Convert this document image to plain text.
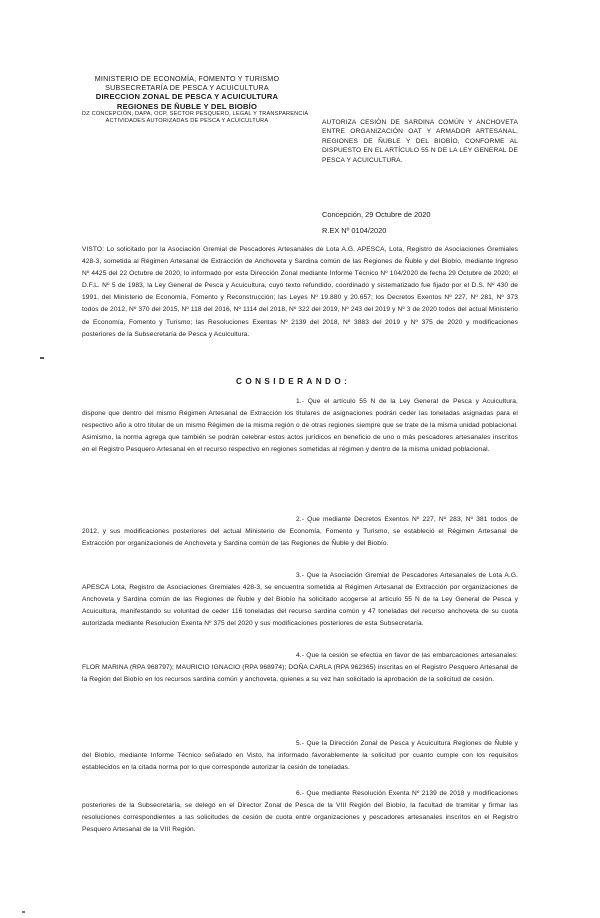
MINISTERIO DE ECONOMÍA, FOMENTO Y TURISMO
SUBSECRETARÍA DE PESCA Y ACUICULTURA
DIRECCION ZONAL DE PESCA Y ACUICULTURA
REGIONES DE ÑUBLE Y DEL BIOBÍO
DZ CONCEPCIÓN, DAPA, OCP, SECTOR PESQUERO, LEGAL Y TRANSPARENCIA
ACTIVIDADES AUTORIZADAS DE PESCA Y ACUICULTURA	AUTORIZA CESIÓN DE SARDINA COMÚN Y ANCHOVETA ENTRE ORGANIZACIÓN OAT Y ARMADOR ARTESANAL, REGIONES DE ÑUBLE Y DEL BIOBÍO, CONFORME AL DISPUESTO EN EL ARTÍCULO 55 N DE LA LEY GENERAL DE PESCA Y ACUICULTURA.
Concepción, 29 Octubre de 2020
R.EX Nº 0104/2020
VISTO: Lo solicitado por la Asociación Gremial de Pescadores Artesanales de Lota A.G. APESCA, Lota, Registro de Asociaciones Gremiales 428-3, sometida al Régimen Artesanal de Extracción de Anchoveta y Sardina común de las Regiones de Ñuble y del Biobío, mediante Ingreso Nº 4425 del 22 Octubre de 2020, lo informado por esta Dirección Zonal mediante Informe Técnico Nº 104/2020 de fecha 29 Octubre de 2020; el D.F.L. Nº 5 de 1983, la Ley General de Pesca y Acuicultura, cuyo texto refundido, coordinado y sistematizado fue fijado por el D.S. Nº 430 de 1991, del Ministerio de Economía, Fomento y Reconstrucción; las Leyes Nº 19.880 y 20.657; los Decretos Exentos Nº 227, Nº 281, Nº 373 todos de 2012, Nº 370 del 2015, Nº 118 del 2016, Nº 1114 del 2018, Nº 322 del 2019, Nº 243 del 2019 y Nº 3 de 2020 todos del actual Ministerio de Economía, Fomento y Turismo; las Resoluciones Exentas Nº 2139 del 2018, Nº 3883 del 2019 y Nº 375 de 2020 y modificaciones posteriores de la Subsecretaría de Pesca y Acuicultura.
CONSIDERANDO:
1.- Que el artículo 55 N de la Ley General de Pesca y Acuicultura, dispone que dentro del mismo Régimen Artesanal de Extracción los titulares de asignaciones podrán ceder las toneladas asignadas para el respectivo año a otro titular de un mismo Régimen de la misma región o de otras regiones siempre que se trate de la misma unidad poblacional. Asimismo, la norma agrega que también se podrán celebrar estos actos jurídicos en beneficio de uno o más pescadores artesanales inscritos en el Registro Pesquero Artesanal en el recurso respectivo en regiones sometidas al régimen y dentro de la misma unidad poblacional.
2.- Que mediante Decretos Exentos Nº 227, Nº 283, Nº 381 todos de 2012, y sus modificaciones posteriores del actual Ministerio de Economía, Fomento y Turismo, se estableció el Régimen Artesanal de Extracción por organizaciones de Anchoveta y Sardina común de las Regiones de Ñuble y del Biobío.
3.- Que la Asociación Gremial de Pescadores Artesanales de Lota A.G. APESCA Lota, Registro de Asociaciones Gremiales 428-3, se encuentra sometida al Régimen Artesanal de Extracción por organizaciones de Anchoveta y Sardina común de las Regiones de Ñuble y del Biobío ha solicitado acogerse al artículo 55 N de la Ley General de Pesca y Acuicultura, manifestando su voluntad de ceder 116 toneladas del recurso sardina común y 47 toneladas del recurso anchoveta de su cuota autorizada mediante Resolución Exenta Nº 375 del 2020 y sus modificaciones posteriores de esta Subsecretaría.
4.- Que la cesión se efectúa en favor de las embarcaciones artesanales: FLOR MARINA (RPA 968797); MAURICIO IGNACIO (RPA 968974); DOÑA CARLA (RPA 962365) inscritas en el Registro Pesquero Artesanal de la Región del Biobío en los recursos sardina común y anchoveta, quienes a su vez han solicitado la aprobación de la solicitud de cesión.
5.- Que la Dirección Zonal de Pesca y Acuicultura Regiones de Ñuble y del Biobío, mediante Informe Técnico señalado en Visto, ha informado favorablemente la solicitud por cuanto cumple con los requisitos establecidos en la citada norma por lo que corresponde autorizar la cesión de toneladas.
6.- Que mediante Resolución Exenta Nº 2139 de 2018 y modificaciones posteriores de la Subsecretaría, se delegó en el Director Zonal de Pesca de la VIII Región del Biobío, la facultad de tramitar y firmar las resoluciones correspondientes a las solicitudes de cesión de cuota entre organizaciones y pescadores artesanales inscritos en el Registro Pesquero Artesanal de la VIII Región.
